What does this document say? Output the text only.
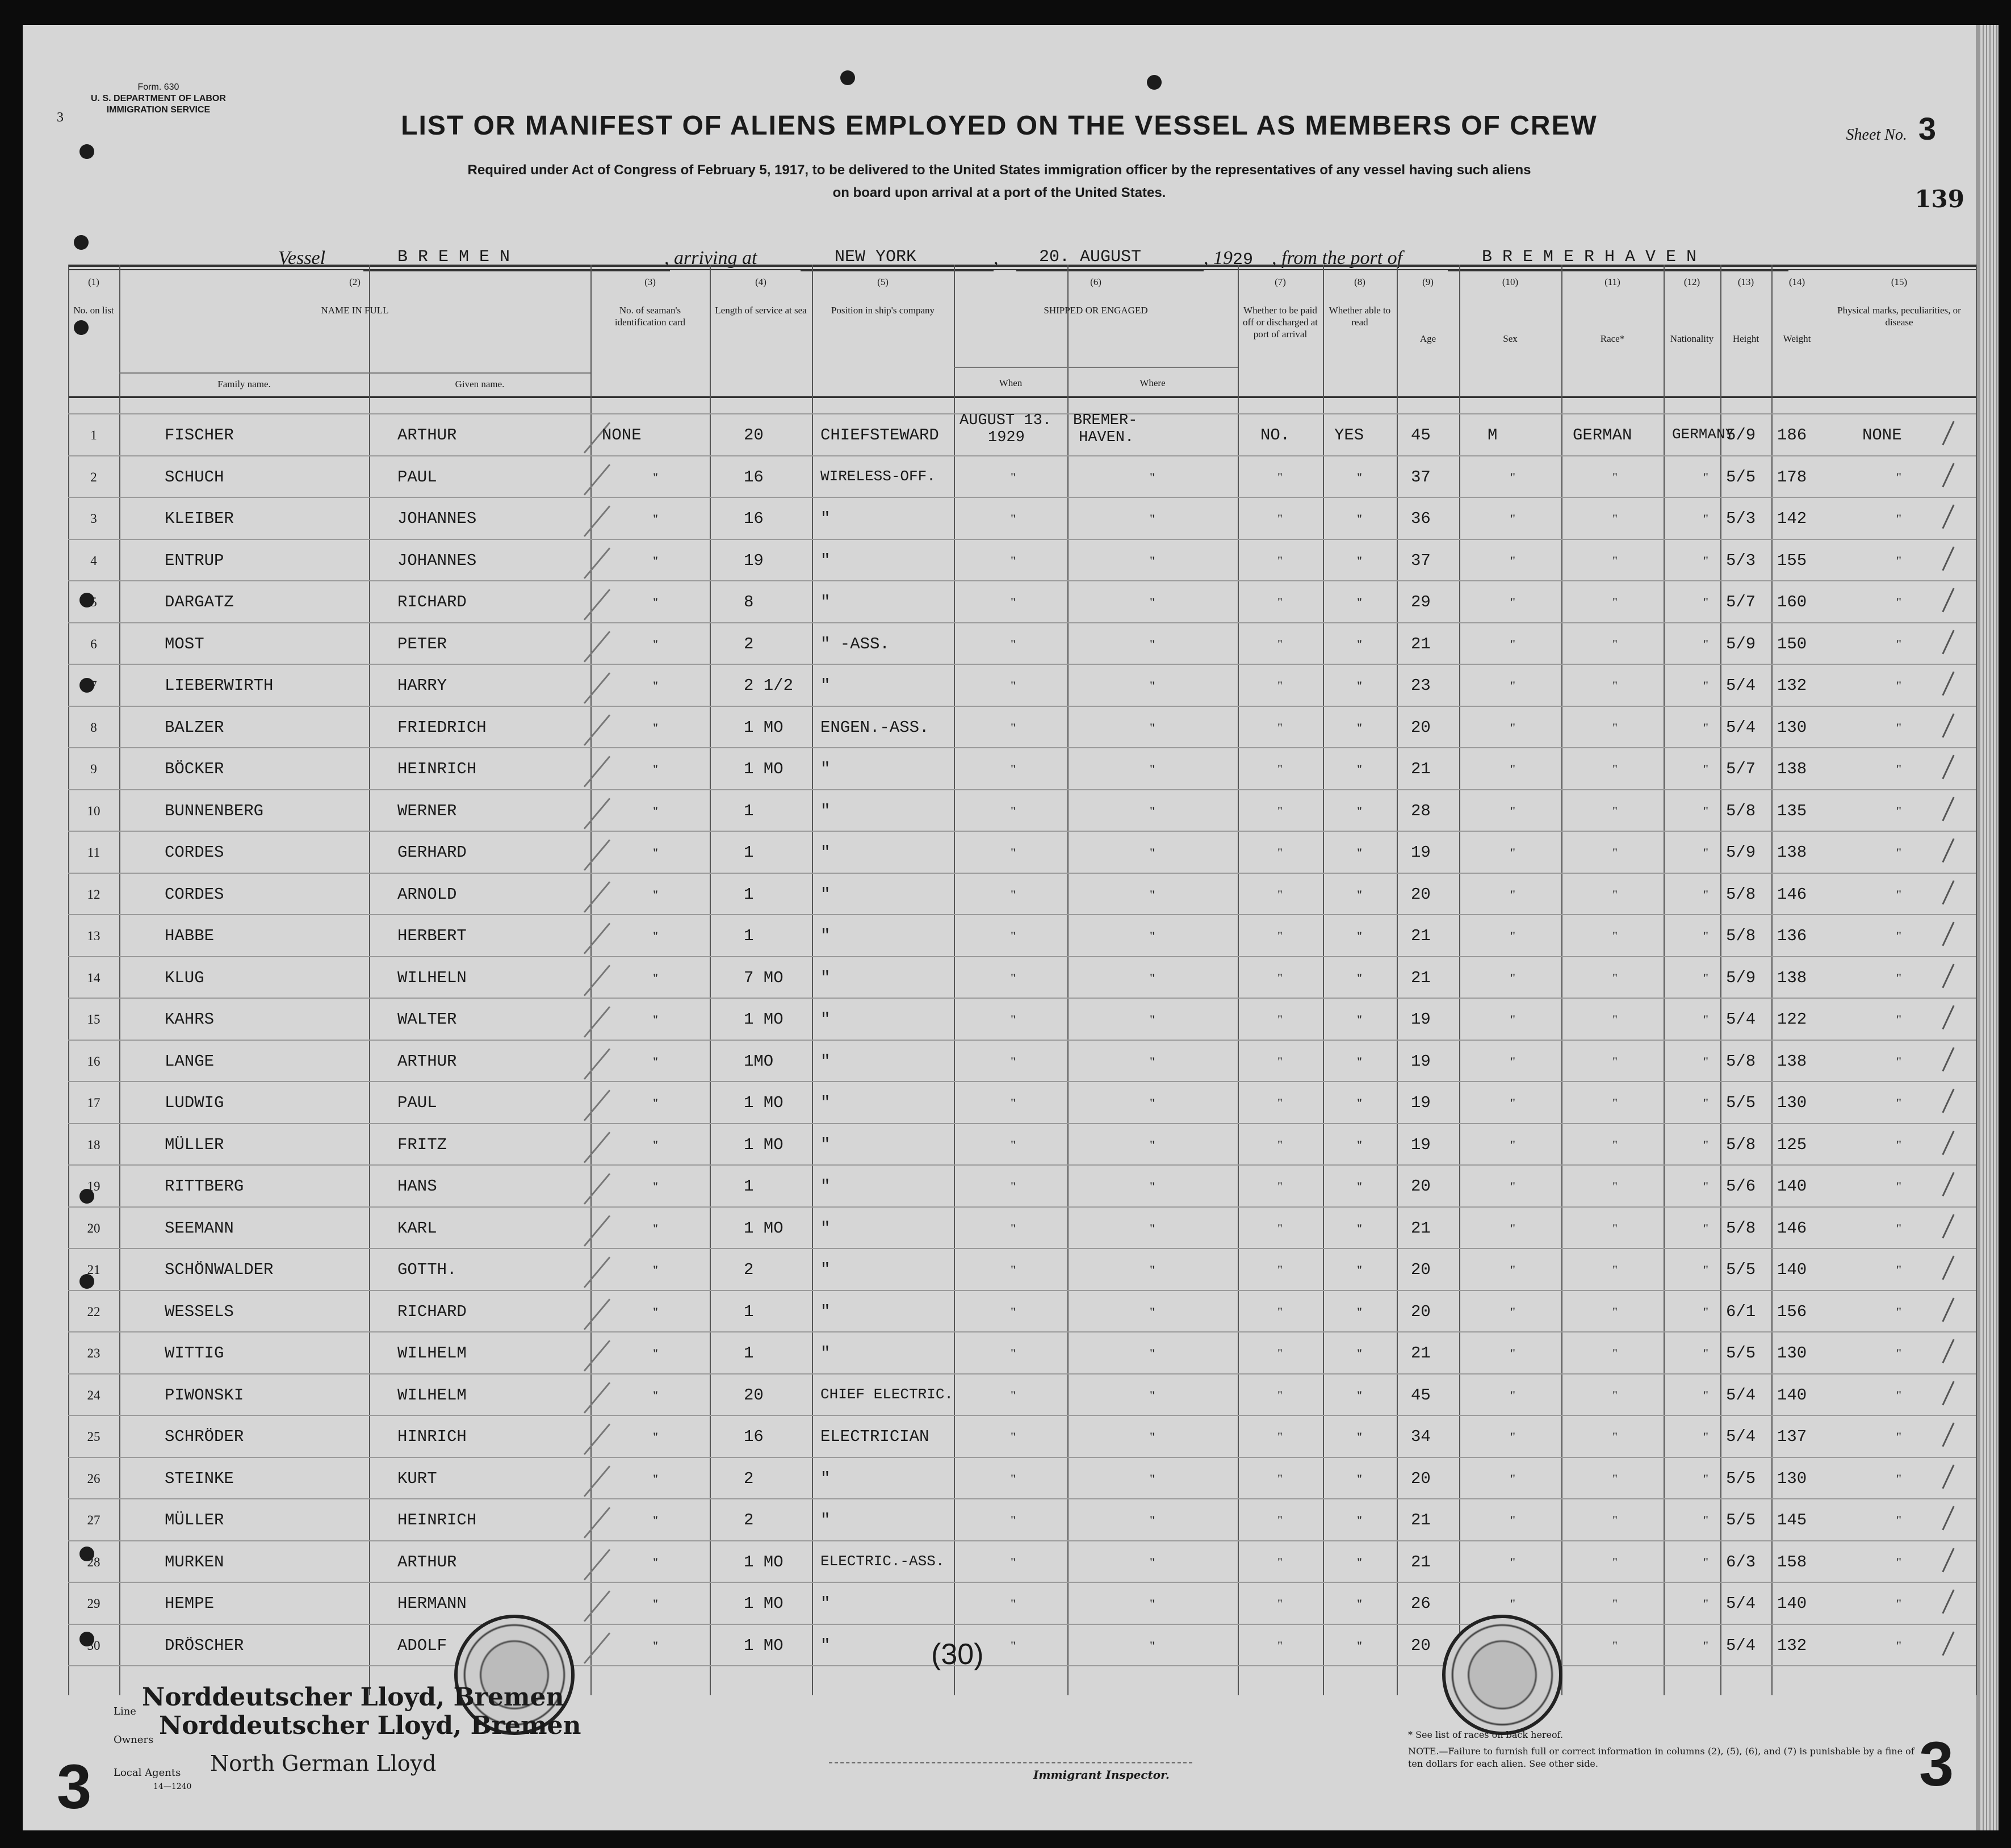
3
Form. 630
U. S. DEPARTMENT OF LABOR
IMMIGRATION SERVICE
LIST OR MANIFEST OF ALIENS EMPLOYED ON THE VESSEL AS MEMBERS OF CREW
Required under Act of Congress of February 5, 1917, to be delivered to the United States immigration officer by the representatives of any vessel having such aliens
on board upon arrival at a port of the United States.
Sheet No. 3
139
Vessel	B R E M E N	, arriving at	NEW YORK	, 20. AUGUST	, 1929 , from the port of	B R E M E R H A V E N
(1)
No. on list
(2)
NAME IN FULL
(3)
No. of seaman's identification card
(4)
Length of service at sea
(5)
Position in ship's company
(6)
SHIPPED OR ENGAGED
(7)
Whether to be paid off or discharged at port of arrival
(8)
Whether able to read
(9)
Age
(10)
Sex
(11)
Race*
(12)
Nationality
(13)
Height
(14)
Weight
(15)
Physical marks, peculiarities, or disease
Family name.	Given name.	When	Where
1	FISCHER	ARTHUR	20	CHIEFSTEWARD	45	5/9 186
NONE
AUGUST 13.
1929
BREMER-
HAVEN.	NO.	YES	M	GERMAN	GERMANY	NONE
2	SCHUCH	PAUL	16	WIRELESS-OFF.	37	5/5 178
"	"	"	"	"	"	"	"	"
3	KLEIBER	JOHANNES	16	"	36	5/3 142
"	"	"	"	"	"	"	"	"
4	ENTRUP	JOHANNES	19	"	37	5/3 155
"	"	"	"	"	"	"	"	"
5	DARGATZ	RICHARD	8	"	29	5/7 160
"	"	"	"	"	"	"	"	"
6	MOST	PETER	2	" -ASS.	21	5/9 150
"	"	"	"	"	"	"	"	"
7	LIEBERWIRTH	HARRY	2 1/2 "	23	5/4 132
"	"	"	"	"	"	"	"	"
8	BALZER	FRIEDRICH	1 MO ENGEN.-ASS.	20	5/4 130
"	"	"	"	"	"	"	"	"
9	BÖCKER	HEINRICH	1 MO "	21	5/7 138
"	"	"	"	"	"	"	"	"
10	BUNNENBERG	WERNER	1	"	28	5/8 135
"	"	"	"	"	"	"	"	"
11	CORDES	GERHARD	1	"	19	5/9 138
"	"	"	"	"	"	"	"	"
12	CORDES	ARNOLD	1	"	20	5/8 146
"	"	"	"	"	"	"	"	"
13	HABBE	HERBERT	1	"	21	5/8 136
"	"	"	"	"	"	"	"	"
14	KLUG	WILHELN	7 MO "	21	5/9 138
"	"	"	"	"	"	"	"	"
15	KAHRS	WALTER	1 MO "	19	5/4 122
"	"	"	"	"	"	"	"	"
16	LANGE	ARTHUR	1MO	"	19	5/8 138
"	"	"	"	"	"	"	"	"
17	LUDWIG	PAUL	1 MO "	19	5/5 130
"	"	"	"	"	"	"	"	"
18	MÜLLER	FRITZ	1 MO "	19	5/8 125
"	"	"	"	"	"	"	"	"
19	RITTBERG	HANS	1	"	20	5/6 140
"	"	"	"	"	"	"	"	"
20	SEEMANN	KARL	1 MO "	21	5/8 146
"	"	"	"	"	"	"	"	"
21	SCHÖNWALDER	GOTTH.	2	"	20	5/5 140
"	"	"	"	"	"	"	"	"
22	WESSELS	RICHARD	1	"	20	6/1 156
"	"	"	"	"	"	"	"	"
23	WITTIG	WILHELM	1	"	21	5/5 130
"	"	"	"	"	"	"	"	"
24	PIWONSKI	WILHELM	20	CHIEF ELECTRIC.	45	5/4 140
"	"	"	"	"	"	"	"	"
25	SCHRÖDER	HINRICH	16	ELECTRICIAN	34	5/4 137
"	"	"	"	"	"	"	"	"
26	STEINKE	KURT	2	"	20	5/5 130
"	"	"	"	"	"	"	"	"
27	MÜLLER	HEINRICH	2	"	21	5/5 145
"	"	"	"	"	"	"	"	"
28	MURKEN	ARTHUR	1 MO	ELECTRIC.-ASS.	21	6/3 158
"	"	"	"	"	"	"	"	"
29	HEMPE	HERMANN	1 MO "	26	5/4 140
"	"	"	"	"	"	"	"	"
30	DRÖSCHER	ADOLF	1 MO "	20	5/4 132
"	"	"	"	"	"	"	"
(30)
Line Norddeutscher Lloyd, Bremen
Owners Norddeutscher Lloyd, Bremen
Local Agents North German Lloyd
14—1240
Immigrant Inspector.
* See list of races on back hereof.
NOTE.—Failure to furnish full or correct information in columns (2), (5), (6), and (7) is punishable by a fine of ten dollars for each alien. See other side.
3	3
